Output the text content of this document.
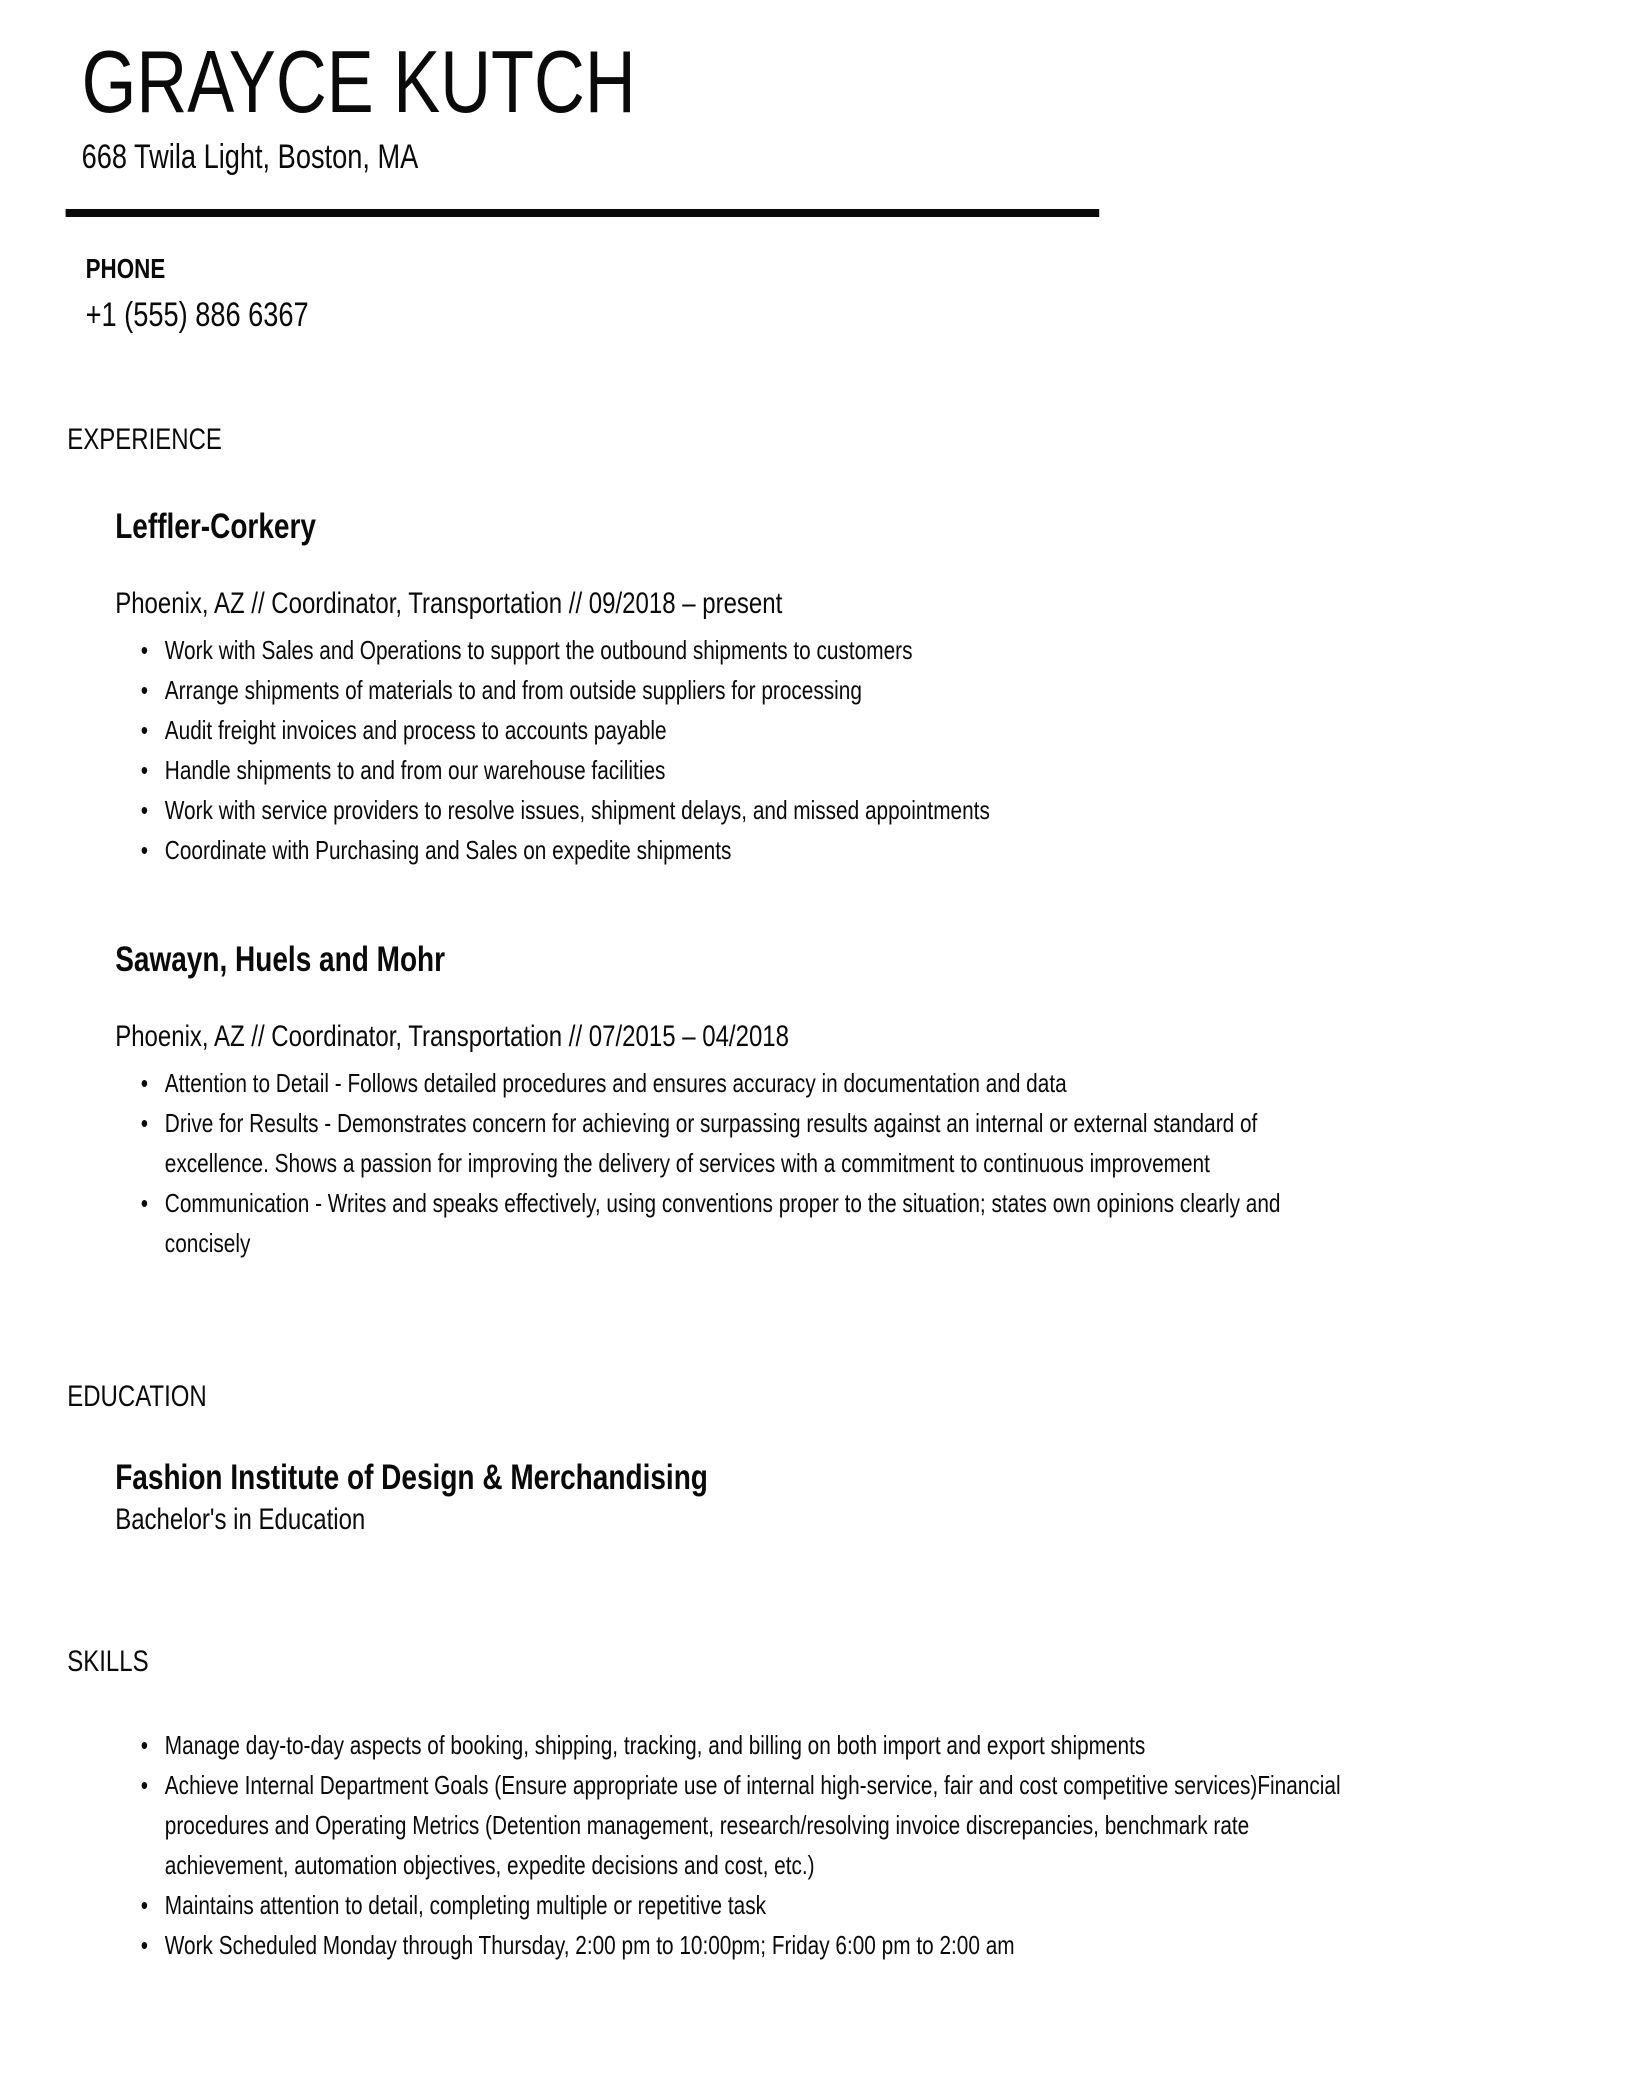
GRAYCE KUTCH
668 Twila Light, Boston, MA
PHONE
+1 (555) 886 6367
EXPERIENCE
Leffler-Corkery
Phoenix, AZ // Coordinator, Transportation // 09/2018 – present
• Work with Sales and Operations to support the outbound shipments to customers
• Arrange shipments of materials to and from outside suppliers for processing
• Audit freight invoices and process to accounts payable
• Handle shipments to and from our warehouse facilities
• Work with service providers to resolve issues, shipment delays, and missed appointments
• Coordinate with Purchasing and Sales on expedite shipments
Sawayn, Huels and Mohr
Phoenix, AZ // Coordinator, Transportation // 07/2015 – 04/2018
• Attention to Detail - Follows detailed procedures and ensures accuracy in documentation and data
• Drive for Results - Demonstrates concern for achieving or surpassing results against an internal or external standard of excellence. Shows a passion for improving the delivery of services with a commitment to continuous improvement
• Communication - Writes and speaks effectively, using conventions proper to the situation; states own opinions clearly and concisely
EDUCATION
Fashion Institute of Design & Merchandising
Bachelor's in Education
SKILLS
• Manage day-to-day aspects of booking, shipping, tracking, and billing on both import and export shipments
• Achieve Internal Department Goals (Ensure appropriate use of internal high-service, fair and cost competitive services)Financial procedures and Operating Metrics (Detention management, research/resolving invoice discrepancies, benchmark rate achievement, automation objectives, expedite decisions and cost, etc.)
• Maintains attention to detail, completing multiple or repetitive task
• Work Scheduled Monday through Thursday, 2:00 pm to 10:00pm; Friday 6:00 pm to 2:00 am
